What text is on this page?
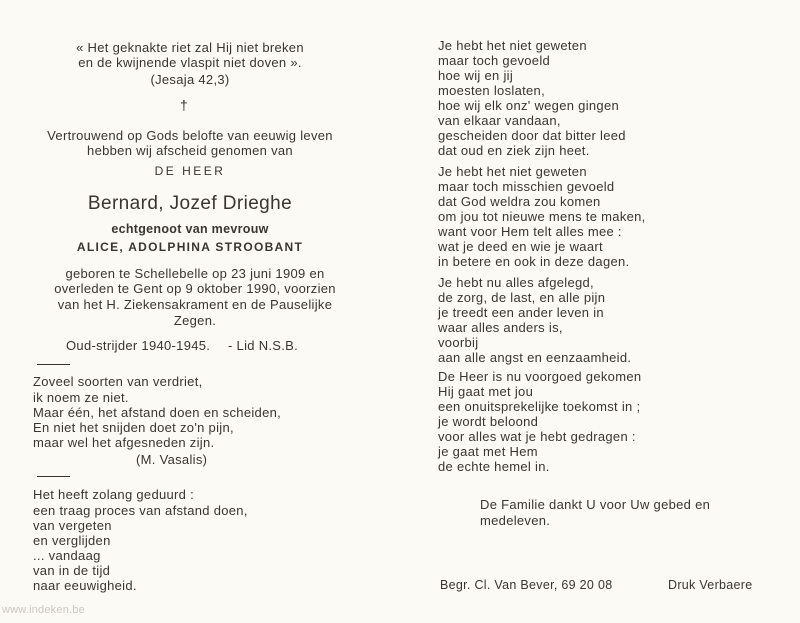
« Het geknakte riet zal Hij niet breken
en de kwijnende vlaspit niet doven ».
(Jesaja 42,3)
†
Vertrouwend op Gods belofte van eeuwig leven
hebben wij afscheid genomen van
DE HEER
Bernard, Jozef Drieghe
echtgenoot van mevrouw
ALICE, ADOLPHINA STROOBANT
geboren te Schellebelle op 23 juni 1909 en
overleden te Gent op 9 oktober 1990, voorzien
van het H. Ziekensakrament en de Pauselijke
Zegen.
Oud-strijder 1940-1945. - Lid N.S.B.
Zoveel soorten van verdriet,
ik noem ze niet.
Maar één, het afstand doen en scheiden,
En niet het snijden doet zo'n pijn,
maar wel het afgesneden zijn.
(M. Vasalis)
Het heeft zolang geduurd :
een traag proces van afstand doen,
van vergeten
en verglijden
... vandaag
van in de tijd
naar eeuwigheid.
Je hebt het niet geweten
maar toch gevoeld
hoe wij en jij
moesten loslaten,
hoe wij elk onz' wegen gingen
van elkaar vandaan,
gescheiden door dat bitter leed
dat oud en ziek zijn heet.
Je hebt het niet geweten
maar toch misschien gevoeld
dat God weldra zou komen
om jou tot nieuwe mens te maken,
want voor Hem telt alles mee :
wat je deed en wie je waart
in betere en ook in deze dagen.
Je hebt nu alles afgelegd,
de zorg, de last, en alle pijn
je treedt een ander leven in
waar alles anders is,
voorbij
aan alle angst en eenzaamheid.
De Heer is nu voorgoed gekomen
Hij gaat met jou
een onuitsprekelijke toekomst in ;
je wordt beloond
voor alles wat je hebt gedragen :
je gaat met Hem
de echte hemel in.
De Familie dankt U voor Uw gebed en
medeleven.
Begr. Cl. Van Bever, 69 20 08	Druk Verbaere
www.indeken.be
